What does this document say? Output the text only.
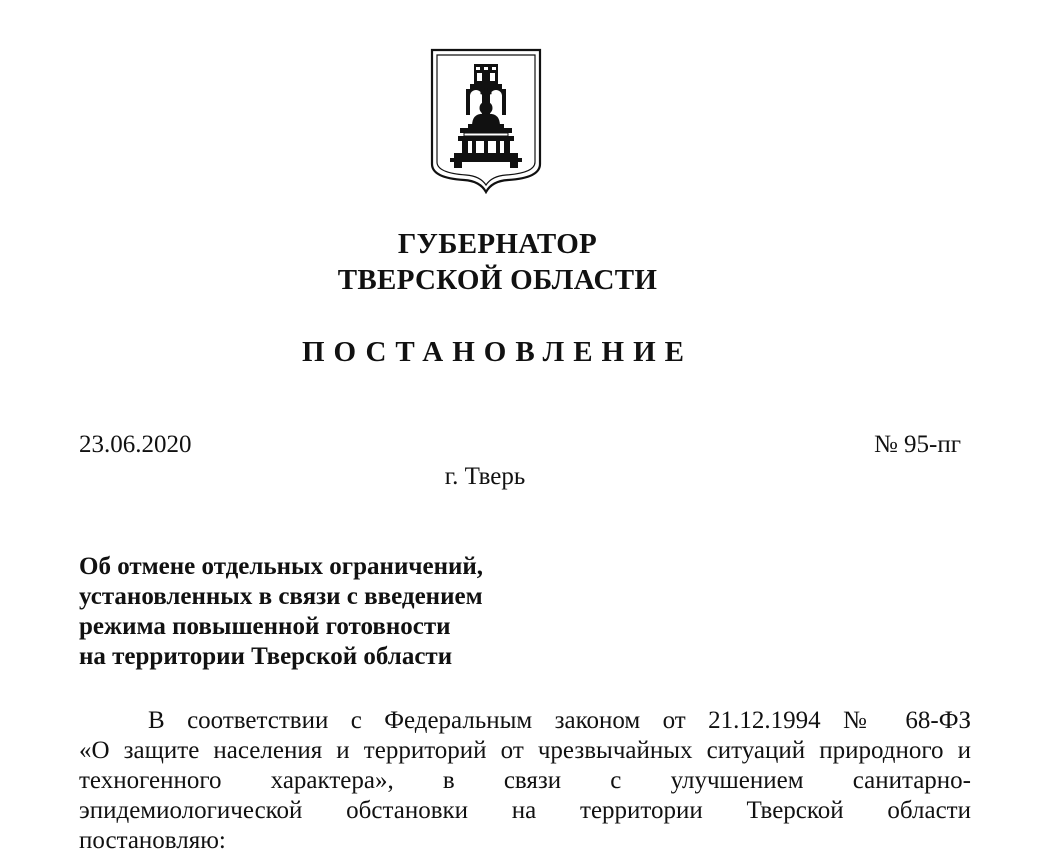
ГУБЕРНАТОР
ТВЕРСКОЙ ОБЛАСТИ
ПОСТАНОВЛЕНИЕ
23.06.2020	№ 95-пг
г. Тверь
Об отмене отдельных ограничений,
установленных в связи с введением
режима повышенной готовности
на территории Тверской области
В соответствии с Федеральным законом от 21.12.1994 № 68-ФЗ
«О защите населения и территорий от чрезвычайных ситуаций природного и
техногенного характера», в связи с улучшением санитарно-
эпидемиологической обстановки на территории Тверской области
постановляю:
